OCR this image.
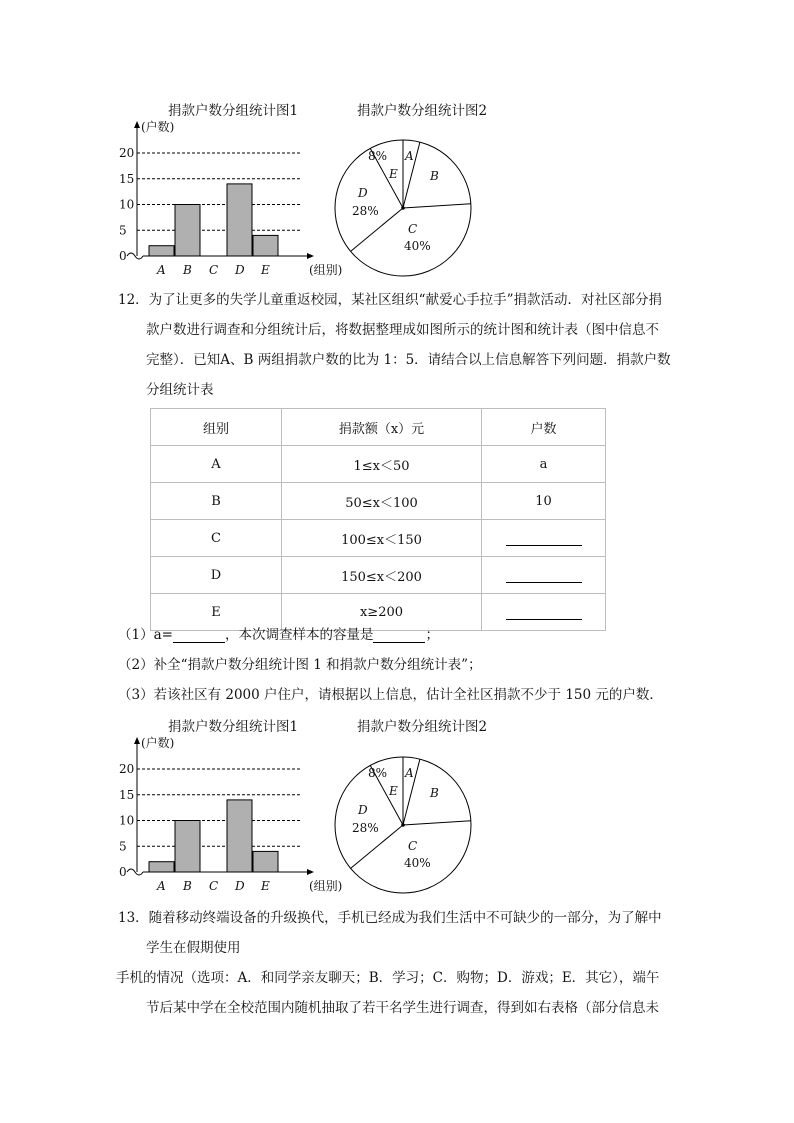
捐款户数分组统计图1	捐款户数分组统计图2
(户数)
(组别)
0
5
10
15
20
A B C D E
A
B
C
40%
D
28%
8%
E
12．为了让更多的失学儿童重返校园，某社区组织“献爱心手拉手”捐款活动．对社区部分捐
款户数进行调查和分组统计后，将数据整理成如图所示的统计图和统计表（图中信息不
完整）．已知A、B 两组捐款户数的比为 1：5．请结合以上信息解答下列问题．捐款户数
分组统计表
组别	捐款额（x）元	户数
A	1≤x＜50	a
B	50≤x＜100	10
C	100≤x＜150	
D	150≤x＜200	
E	x≥200	
（1）a=	，本次调查样本的容量是	；
（2）补全“捐款户数分组统计图 1 和捐款户数分组统计表”；
（3）若该社区有 2000 户住户，请根据以上信息，估计全社区捐款不少于 150 元的户数．
捐款户数分组统计图1	捐款户数分组统计图2
(户数)
(组别)
0
5
10
15
20
A B C D E
A
B
C
40%
D
28%
8%
E
13．随着移动终端设备的升级换代，手机已经成为我们生活中不可缺少的一部分，为了解中
学生在假期使用
手机的情况（选项：A．和同学亲友聊天；B．学习；C．购物；D．游戏；E．其它），端午
节后某中学在全校范围内随机抽取了若干名学生进行调查，得到如右表格（部分信息未
